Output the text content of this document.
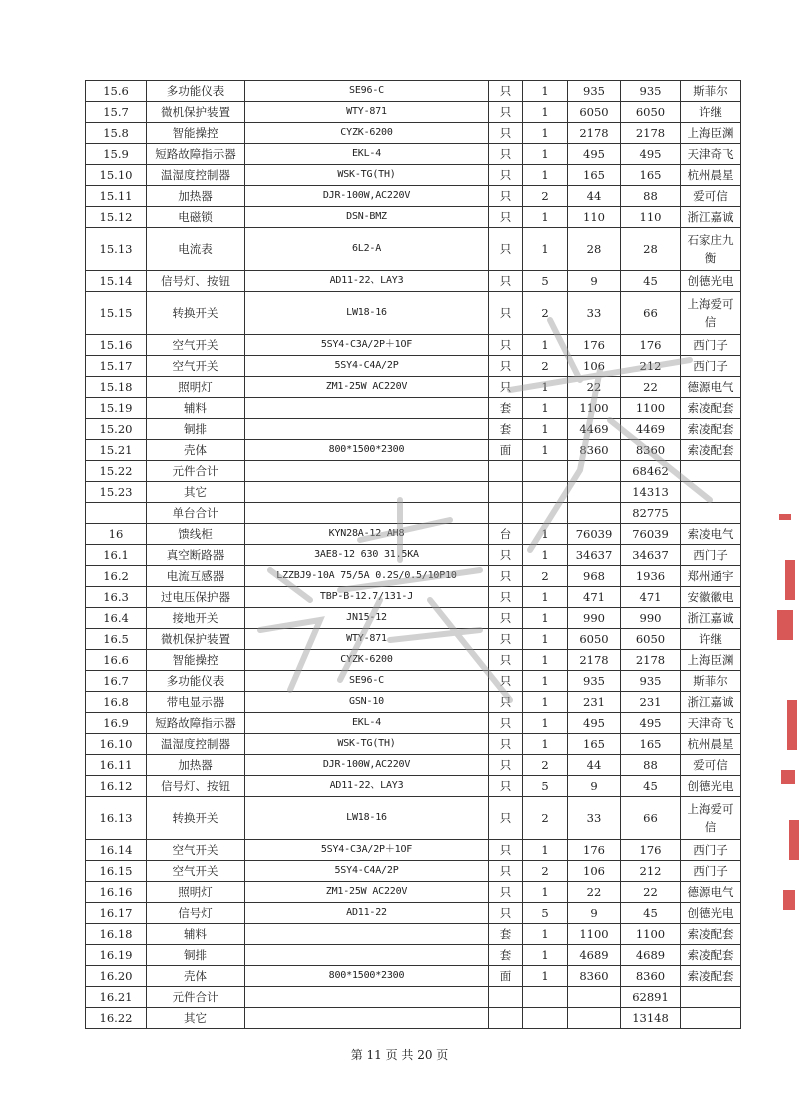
15.6	多功能仪表	SE96-C	只	1	935	935	斯菲尔
15.7	微机保护装置	WTY-871	只	1	6050	6050	许继
15.8	智能操控	CYZK-6200	只	1	2178	2178	上海臣渊
15.9	短路故障指示器	EKL-4	只	1	495	495	天津奇飞
15.10	温湿度控制器	WSK-TG(TH)	只	1	165	165	杭州晨星
15.11	加热器	DJR-100W,AC220V	只	2	44	88	爱可信
15.12	电磁锁	DSN-BMZ	只	1	110	110	浙江嘉诚
15.13	电流表	6L2-A	只	1	28	28	石家庄九衡
15.14	信号灯、按钮	AD11-22、LAY3	只	5	9	45	创德光电
15.15	转换开关	LW18-16	只	2	33	66	上海爱可信
15.16	空气开关	5SY4-C3A/2P＋1OF	只	1	176	176	西门子
15.17	空气开关	5SY4-C4A/2P	只	2	106	212	西门子
15.18	照明灯	ZM1-25W AC220V	只	1	22	22	德源电气
15.19	辅料		套	1	1100	1100	索凌配套
15.20	铜排		套	1	4469	4469	索凌配套
15.21	壳体	800*1500*2300	面	1	8360	8360	索凌配套
15.22	元件合计					68462	
15.23	其它					14313	
	单台合计					82775	
16	馈线柜	KYN28A-12 AH8	台	1	76039	76039	索凌电气
16.1	真空断路器	3AE8-12 630 31.5KA	只	1	34637	34637	西门子
16.2	电流互感器	LZZBJ9-10A 75/5A 0.2S/0.5/10P10	只	2	968	1936	郑州通宇
16.3	过电压保护器	TBP-B-12.7/131-J	只	1	471	471	安徽徽电
16.4	接地开关	JN15-12	只	1	990	990	浙江嘉诚
16.5	微机保护装置	WTY-871	只	1	6050	6050	许继
16.6	智能操控	CYZK-6200	只	1	2178	2178	上海臣渊
16.7	多功能仪表	SE96-C	只	1	935	935	斯菲尔
16.8	带电显示器	GSN-10	只	1	231	231	浙江嘉诚
16.9	短路故障指示器	EKL-4	只	1	495	495	天津奇飞
16.10	温湿度控制器	WSK-TG(TH)	只	1	165	165	杭州晨星
16.11	加热器	DJR-100W,AC220V	只	2	44	88	爱可信
16.12	信号灯、按钮	AD11-22、LAY3	只	5	9	45	创德光电
16.13	转换开关	LW18-16	只	2	33	66	上海爱可信
16.14	空气开关	5SY4-C3A/2P＋1OF	只	1	176	176	西门子
16.15	空气开关	5SY4-C4A/2P	只	2	106	212	西门子
16.16	照明灯	ZM1-25W AC220V	只	1	22	22	德源电气
16.17	信号灯	AD11-22	只	5	9	45	创德光电
16.18	辅料		套	1	1100	1100	索凌配套
16.19	铜排		套	1	4689	4689	索凌配套
16.20	壳体	800*1500*2300	面	1	8360	8360	索凌配套
16.21	元件合计					62891	
16.22	其它					13148	
第 11 页 共 20 页
